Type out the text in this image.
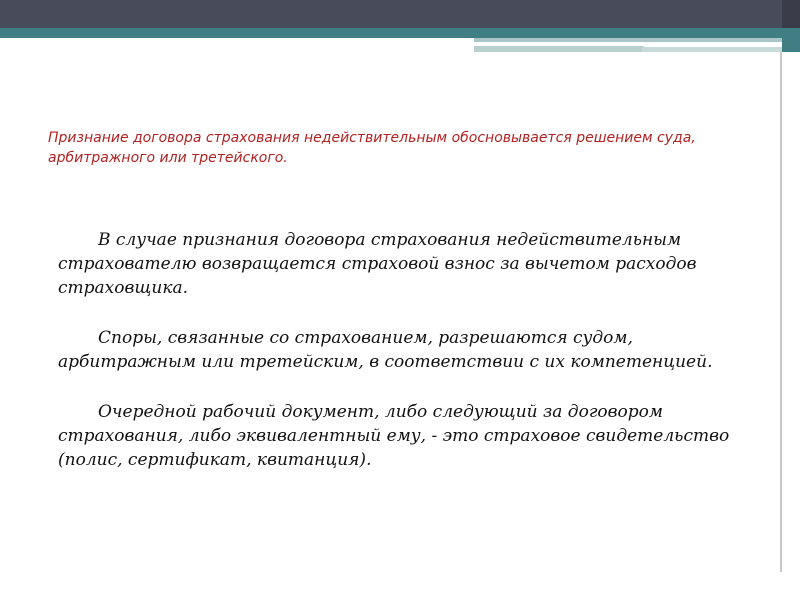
Признание договора страхования недействительным обосновывается решением суда, арбитражного или третейского.

В случае признания договора страхования недействительным страхователю возвращается страховой взнос за вычетом расходов страховщика.

Споры, связанные со страхованием, разрешаются судом, арбитражным или третейским, в соответствии с их компетенцией.

Очередной рабочий документ, либо следующий за договором страхования, либо эквивалентный ему, - это страховое свидетельство (полис, сертификат, квитанция).
